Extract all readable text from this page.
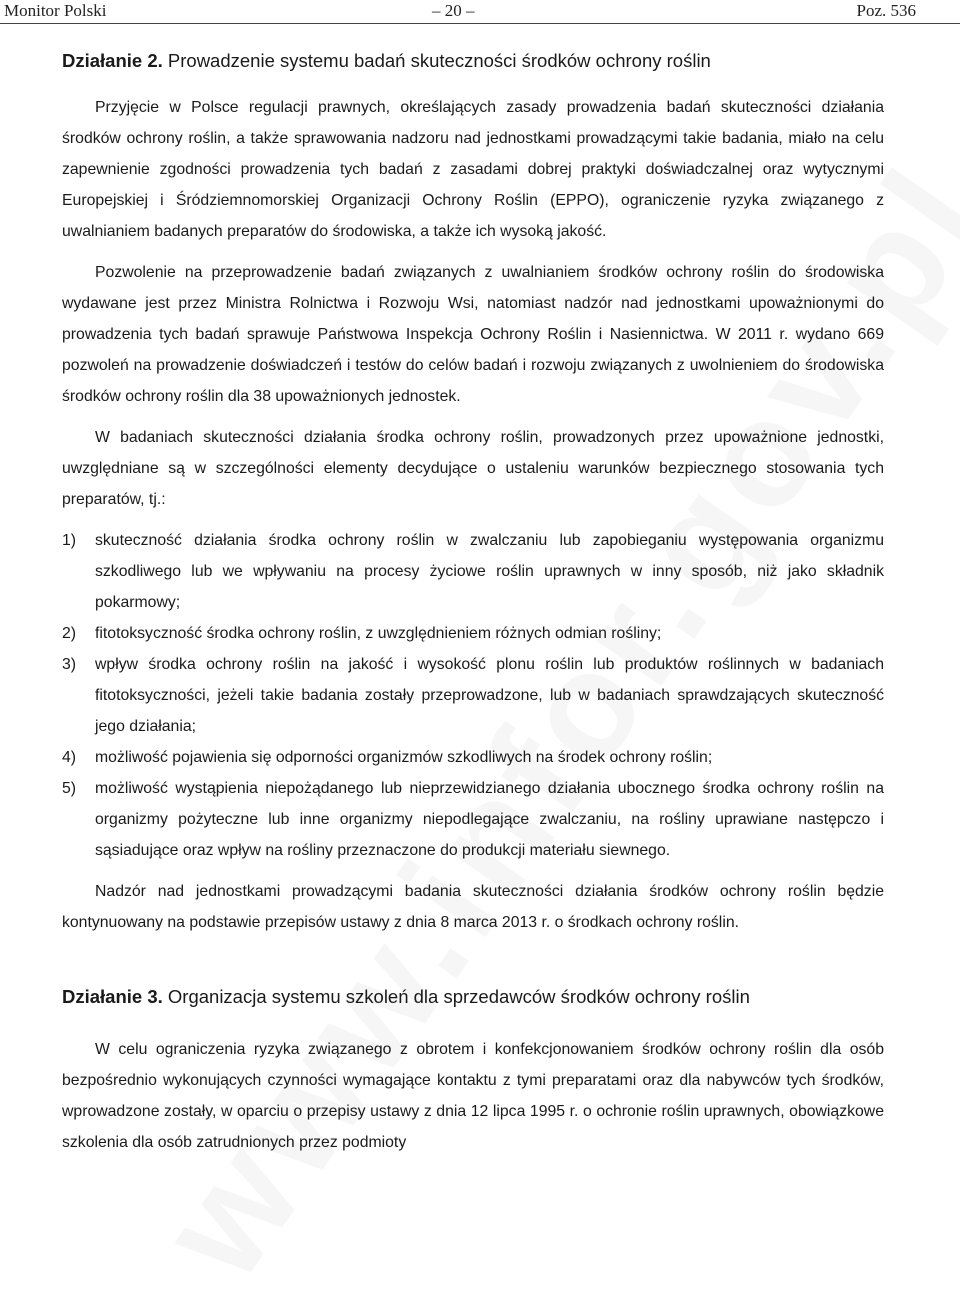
Monitor Polski	– 20 –	Poz. 536
Działanie 2. Prowadzenie systemu badań skuteczności środków ochrony roślin

Przyjęcie w Polsce regulacji prawnych, określających zasady prowadzenia badań skuteczności działania środków ochrony roślin, a także sprawowania nadzoru nad jednostkami prowadzącymi takie badania, miało na celu zapewnienie zgodności prowadzenia tych badań z zasadami dobrej praktyki doświadczalnej oraz wytycznymi Europejskiej i Śródziemnomorskiej Organizacji Ochrony Roślin (EPPO), ograniczenie ryzyka związanego z uwalnianiem badanych preparatów do środowiska, a także ich wysoką jakość.

Pozwolenie na przeprowadzenie badań związanych z uwalnianiem środków ochrony roślin do środowiska wydawane jest przez Ministra Rolnictwa i Rozwoju Wsi, natomiast nadzór nad jednostkami upoważnionymi do prowadzenia tych badań sprawuje Państwowa Inspekcja Ochrony Roślin i Nasiennictwa. W 2011 r. wydano 669 pozwoleń na prowadzenie doświadczeń i testów do celów badań i rozwoju związanych z uwolnieniem do środowiska środków ochrony roślin dla 38 upoważnionych jednostek.

W badaniach skuteczności działania środka ochrony roślin, prowadzonych przez upoważnione jednostki, uwzględniane są w szczególności elementy decydujące o ustaleniu warunków bezpiecznego stosowania tych preparatów, tj.:

1) skuteczność działania środka ochrony roślin w zwalczaniu lub zapobieganiu występowania organizmu szkodliwego lub we wpływaniu na procesy życiowe roślin uprawnych w inny sposób, niż jako składnik pokarmowy;
2) fitotoksyczność środka ochrony roślin, z uwzględnieniem różnych odmian rośliny;
3) wpływ środka ochrony roślin na jakość i wysokość plonu roślin lub produktów roślinnych w badaniach fitotoksyczności, jeżeli takie badania zostały przeprowadzone, lub w badaniach sprawdzających skuteczność jego działania;
4) możliwość pojawienia się odporności organizmów szkodliwych na środek ochrony roślin;
5) możliwość wystąpienia niepożądanego lub nieprzewidzianego działania ubocznego środka ochrony roślin na organizmy pożyteczne lub inne organizmy niepodlegające zwalczaniu, na rośliny uprawiane następczo i sąsiadujące oraz wpływ na rośliny przeznaczone do produkcji materiału siewnego.

Nadzór nad jednostkami prowadzącymi badania skuteczności działania środków ochrony roślin będzie kontynuowany na podstawie przepisów ustawy z dnia 8 marca 2013 r. o środkach ochrony roślin.

Działanie 3. Organizacja systemu szkoleń dla sprzedawców środków ochrony roślin

W celu ograniczenia ryzyka związanego z obrotem i konfekcjonowaniem środków ochrony roślin dla osób bezpośrednio wykonujących czynności wymagające kontaktu z tymi preparatami oraz dla nabywców tych środków, wprowadzone zostały, w oparciu o przepisy ustawy z dnia 12 lipca 1995 r. o ochronie roślin uprawnych, obowiązkowe szkolenia dla osób zatrudnionych przez podmioty
